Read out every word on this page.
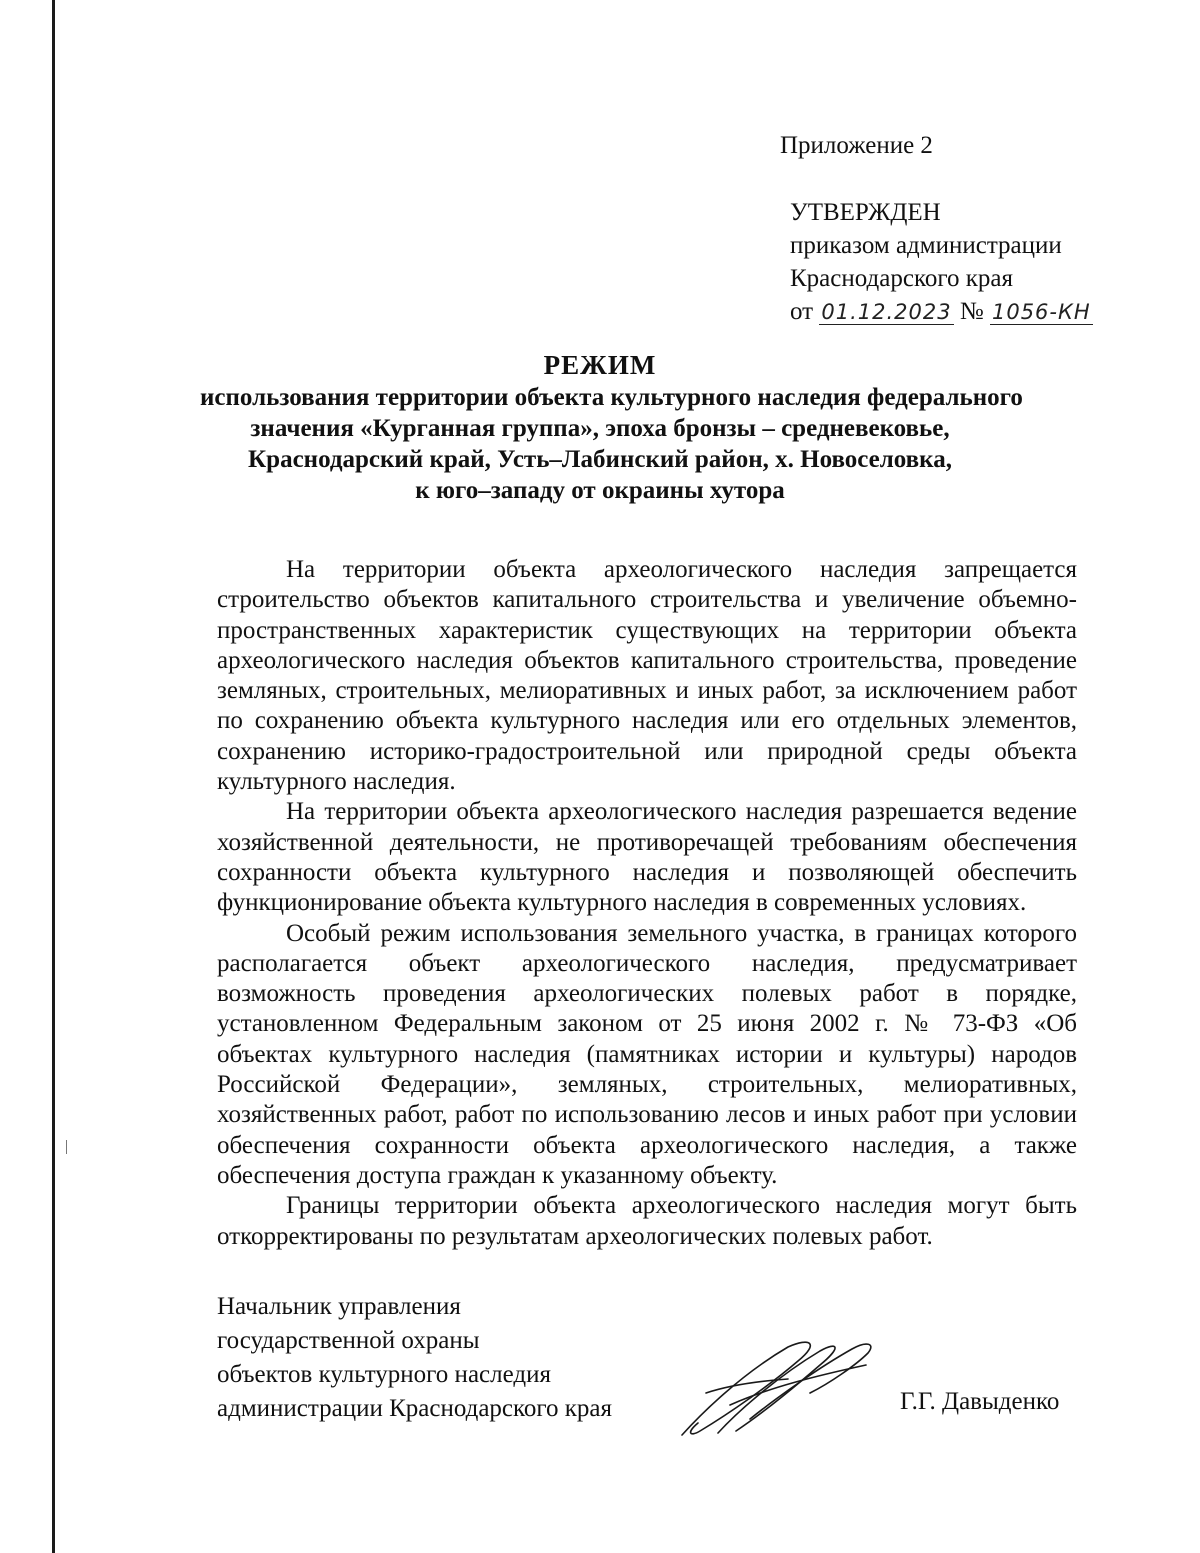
Приложение 2
УТВЕРЖДЕН
приказом администрации
Краснодарского края
от 01.12.2023 № 1056-КН
РЕЖИМ
использования территории объекта культурного наследия федерального
значения «Курганная группа», эпоха бронзы – средневековье,
Краснодарский край, Усть–Лабинский район, х. Новоселовка,
к юго–западу от окраины хутора

На территории объекта археологического наследия запрещается строительство объектов капитального строительства и увеличение объемно-пространственных характеристик существующих на территории объекта археологического наследия объектов капитального строительства, проведение земляных, строительных, мелиоративных и иных работ, за исключением работ по сохранению объекта культурного наследия или его отдельных элементов, сохранению историко-градостроительной или природной среды объекта культурного наследия.

На территории объекта археологического наследия разрешается ведение хозяйственной деятельности, не противоречащей требованиям обеспечения сохранности объекта культурного наследия и позволяющей обеспечить функционирование объекта культурного наследия в современных условиях.

Особый режим использования земельного участка, в границах которого располагается объект археологического наследия, предусматривает возможность проведения археологических полевых работ в порядке, установленном Федеральным законом от 25 июня 2002 г. № 73-ФЗ «Об объектах культурного наследия (памятниках истории и культуры) народов Российской Федерации», земляных, строительных, мелиоративных, хозяйственных работ, работ по использованию лесов и иных работ при условии обеспечения сохранности объекта археологического наследия, а также обеспечения доступа граждан к указанному объекту.

Границы территории объекта археологического наследия могут быть откорректированы по результатам археологических полевых работ.

Начальник управления
государственной охраны
объектов культурного наследия
администрации Краснодарского края	Г.Г. Давыденко
